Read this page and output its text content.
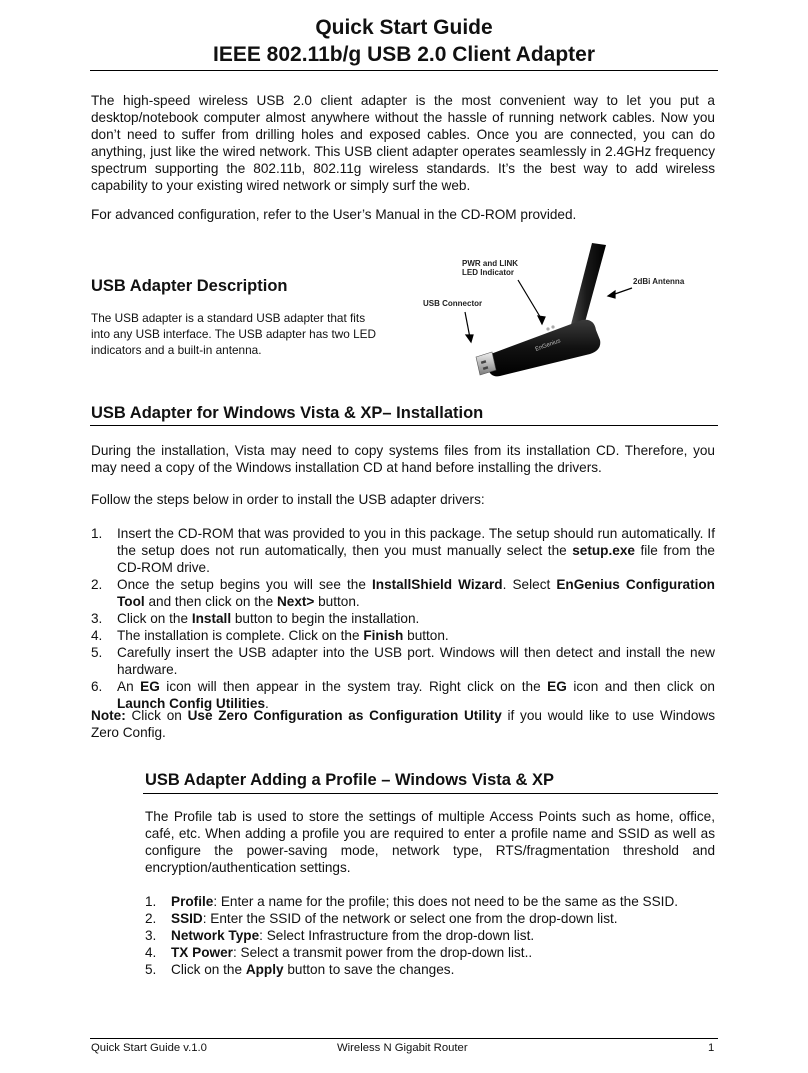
Quick Start Guide
IEEE 802.11b/g USB 2.0 Client Adapter

The high-speed wireless USB 2.0 client adapter is the most convenient way to let you put a desktop/notebook computer almost anywhere without the hassle of running network cables. Now you don’t need to suffer from drilling holes and exposed cables. Once you are connected, you can do anything, just like the wired network. This USB client adapter operates seamlessly in 2.4GHz frequency spectrum supporting the 802.11b, 802.11g wireless standards. It’s the best way to add wireless capability to your existing wired network or simply surf the web.

For advanced configuration, refer to the User’s Manual in the CD-ROM provided.

USB Adapter Description

The USB adapter is a standard USB adapter that fits into any USB interface. The USB adapter has two LED indicators and a built-in antenna.	EnGenius
PWR and LINK
LED Indicator
2dBi Antenna
USB Connector
USB Adapter for Windows Vista & XP– Installation

During the installation, Vista may need to copy systems files from its installation CD. Therefore, you may need a copy of the Windows installation CD at hand before installing the drivers.

Follow the steps below in order to install the USB adapter drivers:

1. Insert the CD-ROM that was provided to you in this package. The setup should run automatically. If the setup does not run automatically, then you must manually select the setup.exe file from the CD-ROM drive.
2. Once the setup begins you will see the InstallShield Wizard. Select EnGenius Configuration Tool and then click on the Next> button.
3. Click on the Install button to begin the installation.
4. The installation is complete. Click on the Finish button.
5. Carefully insert the USB adapter into the USB port. Windows will then detect and install the new hardware.
6. An EG icon will then appear in the system tray. Right click on the EG icon and then click on Launch Config Utilities.

Note: Click on Use Zero Configuration as Configuration Utility if you would like to use Windows Zero Config.

USB Adapter Adding a Profile – Windows Vista & XP

The Profile tab is used to store the settings of multiple Access Points such as home, office, café, etc. When adding a profile you are required to enter a profile name and SSID as well as configure the power-saving mode, network type, RTS/fragmentation threshold and encryption/authentication settings.

1. Profile: Enter a name for the profile; this does not need to be the same as the SSID.
2. SSID: Enter the SSID of the network or select one from the drop-down list.
3. Network Type: Select Infrastructure from the drop-down list.
4. TX Power: Select a transmit power from the drop-down list..
5. Click on the Apply button to save the changes.
Quick Start Guide v.1.0	Wireless N Gigabit Router	1
